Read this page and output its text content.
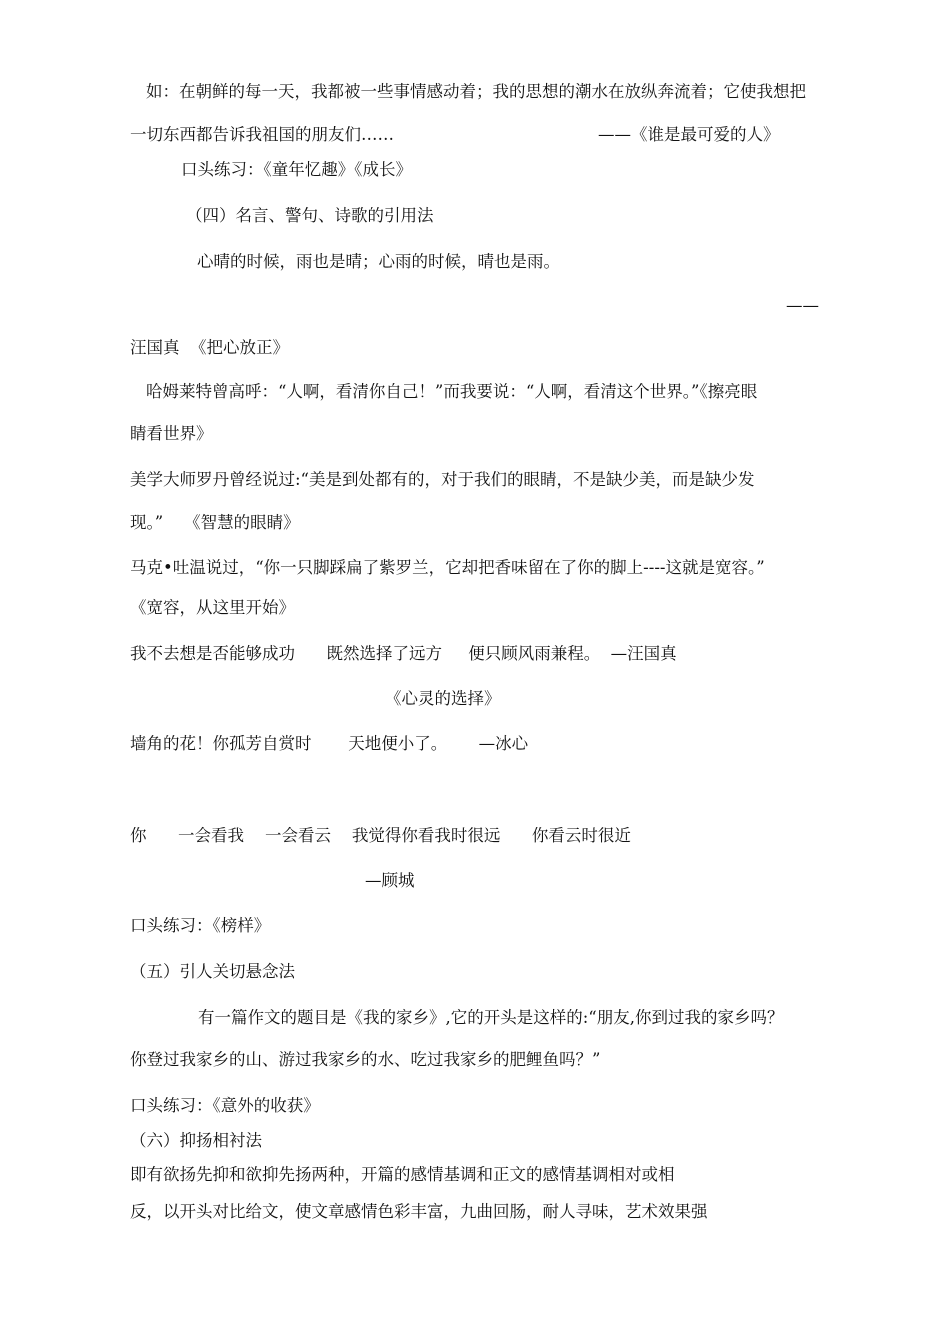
如：在朝鲜的每一天，我都被一些事情感动着；我的思想的潮水在放纵奔流着；它使我想把
一切东西都告诉我祖国的朋友们……	——《谁是最可爱的人》
口头练习：《童年忆趣》《成长》
（四）名言、警句、诗歌的引用法
心晴的时候，雨也是晴；心雨的时候，晴也是雨。
——
汪国真  《把心放正》
哈姆莱特曾高呼：“人啊，看清你自己！”而我要说：“人啊，看清这个世界。”《擦亮眼
睛看世界》
美学大师罗丹曾经说过:“美是到处都有的，对于我们的眼睛，不是缺少美，而是缺少发
现。”    《智慧的眼睛》
马克•吐温说过，“你一只脚踩扁了紫罗兰，它却把香味留在了你的脚上----这就是宽容。”
《宽容，从这里开始》
我不去想是否能够成功      既然选择了远方     便只顾风雨兼程。  —汪国真
《心灵的选择》
墙角的花！你孤芳自赏时       天地便小了。      —冰心
你      一会看我    一会看云    我觉得你看我时很远      你看云时很近
—顾城
口头练习：《榜样》
（五）引人关切悬念法
有一篇作文的题目是《我的家乡》,它的开头是这样的:“朋友,你到过我的家乡吗？
你登过我家乡的山、游过我家乡的水、吃过我家乡的肥鲤鱼吗？”
口头练习：《意外的收获》
（六）抑扬相衬法
即有欲扬先抑和欲抑先扬两种，开篇的感情基调和正文的感情基调相对或相
反，以开头对比给文，使文章感情色彩丰富，九曲回肠，耐人寻味，艺术效果强
